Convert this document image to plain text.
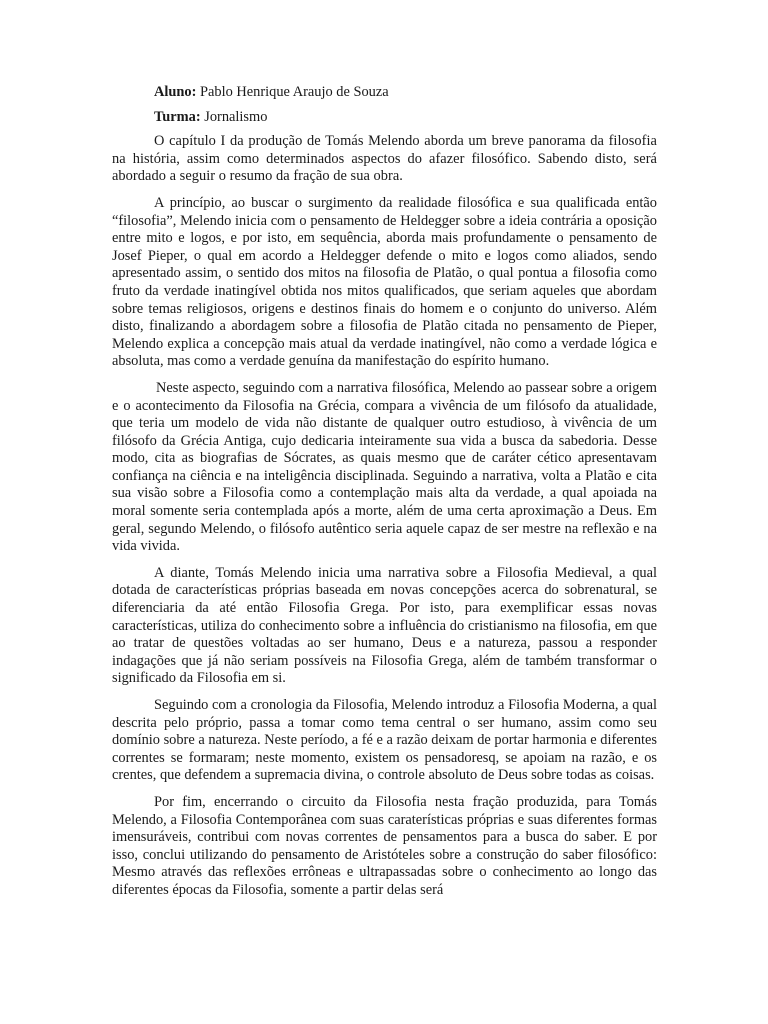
Aluno: Pablo Henrique Araujo de Souza

Turma: Jornalismo

O capítulo I da produção de Tomás Melendo aborda um breve panorama da filosofia na história, assim como determinados aspectos do afazer filosófico. Sabendo disto, será abordado a seguir o resumo da fração de sua obra.

A princípio, ao buscar o surgimento da realidade filosófica e sua qualificada então “filosofia”, Melendo inicia com o pensamento de Heldegger sobre a ideia contrária a oposição entre mito e logos, e por isto, em sequência, aborda mais profundamente o pensamento de Josef Pieper, o qual em acordo a Heldegger defende o mito e logos como aliados, sendo apresentado assim, o sentido dos mitos na filosofia de Platão, o qual pontua a filosofia como fruto da verdade inatingível obtida nos mitos qualificados, que seriam aqueles que abordam sobre temas religiosos, origens e destinos finais do homem e o conjunto do universo. Além disto, finalizando a abordagem sobre a filosofia de Platão citada no pensamento de Pieper, Melendo explica a concepção mais atual da verdade inatingível, não como a verdade lógica e absoluta, mas como a verdade genuína da manifestação do espírito humano.

Neste aspecto, seguindo com a narrativa filosófica, Melendo ao passear sobre a origem e o acontecimento da Filosofia na Grécia, compara a vivência de um filósofo da atualidade, que teria um modelo de vida não distante de qualquer outro estudioso, à vivência de um filósofo da Grécia Antiga, cujo dedicaria inteiramente sua vida a busca da sabedoria. Desse modo, cita as biografias de Sócrates, as quais mesmo que de caráter cético apresentavam confiança na ciência e na inteligência disciplinada. Seguindo a narrativa, volta a Platão e cita sua visão sobre a Filosofia como a contemplação mais alta da verdade, a qual apoiada na moral somente seria contemplada após a morte, além de uma certa aproximação a Deus. Em geral, segundo Melendo, o filósofo autêntico seria aquele capaz de ser mestre na reflexão e na vida vivida.

A diante, Tomás Melendo inicia uma narrativa sobre a Filosofia Medieval, a qual dotada de características próprias baseada em novas concepções acerca do sobrenatural, se diferenciaria da até então Filosofia Grega. Por isto, para exemplificar essas novas características, utiliza do conhecimento sobre a influência do cristianismo na filosofia, em que ao tratar de questões voltadas ao ser humano, Deus e a natureza, passou a responder indagações que já não seriam possíveis na Filosofia Grega, além de também transformar o significado da Filosofia em si.

Seguindo com a cronologia da Filosofia, Melendo introduz a Filosofia Moderna, a qual descrita pelo próprio, passa a tomar como tema central o ser humano, assim como seu domínio sobre a natureza. Neste período, a fé e a razão deixam de portar harmonia e diferentes correntes se formaram; neste momento, existem os pensadoresq, se apoiam na razão, e os crentes, que defendem a supremacia divina, o controle absoluto de Deus sobre todas as coisas.

Por fim, encerrando o circuito da Filosofia nesta fração produzida, para Tomás Melendo, a Filosofia Contemporânea com suas caraterísticas próprias e suas diferentes formas imensuráveis, contribui com novas correntes de pensamentos para a busca do saber. E por isso, conclui utilizando do pensamento de Aristóteles sobre a construção do saber filosófico: Mesmo através das reflexões errôneas e ultrapassadas sobre o conhecimento ao longo das diferentes épocas da Filosofia, somente a partir delas será
